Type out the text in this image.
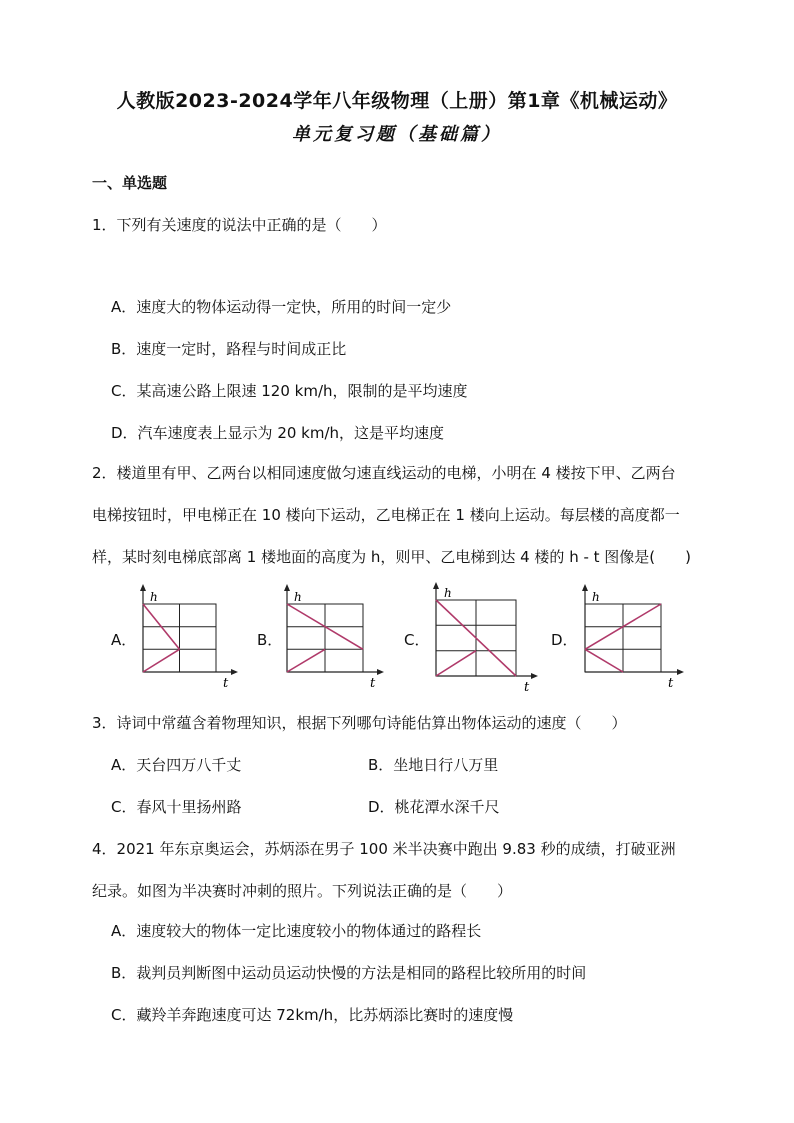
人教版2023-2024学年八年级物理（上册）第1章《机械运动》
单元复习题（基础篇）
一、单选题
1．下列有关速度的说法中正确的是（　　）
A．速度大的物体运动得一定快，所用的时间一定少
B．速度一定时，路程与时间成正比
C．某高速公路上限速 120 km/h，限制的是平均速度
D．汽车速度表上显示为 20 km/h，这是平均速度
2．楼道里有甲、乙两台以相同速度做匀速直线运动的电梯，小明在 4 楼按下甲、乙两台
电梯按钮时，甲电梯正在 10 楼向下运动，乙电梯正在 1 楼向上运动。每层楼的高度都一
样，某时刻电梯底部离 1 楼地面的高度为 h，则甲、乙电梯到达 4 楼的 h - t 图像是(　　)
A．	B．	C．	D．
h
t
h
t
h
t
h
t
3．诗词中常蕴含着物理知识，根据下列哪句诗能估算出物体运动的速度（　　）
A．天台四万八千丈	B．坐地日行八万里
C．春风十里扬州路	D．桃花潭水深千尺
4．2021 年东京奥运会，苏炳添在男子 100 米半决赛中跑出 9.83 秒的成绩，打破亚洲
纪录。如图为半决赛时冲刺的照片。下列说法正确的是（　　）
A．速度较大的物体一定比速度较小的物体通过的路程长
B．裁判员判断图中运动员运动快慢的方法是相同的路程比较所用的时间
C．藏羚羊奔跑速度可达 72km/h，比苏炳添比赛时的速度慢
